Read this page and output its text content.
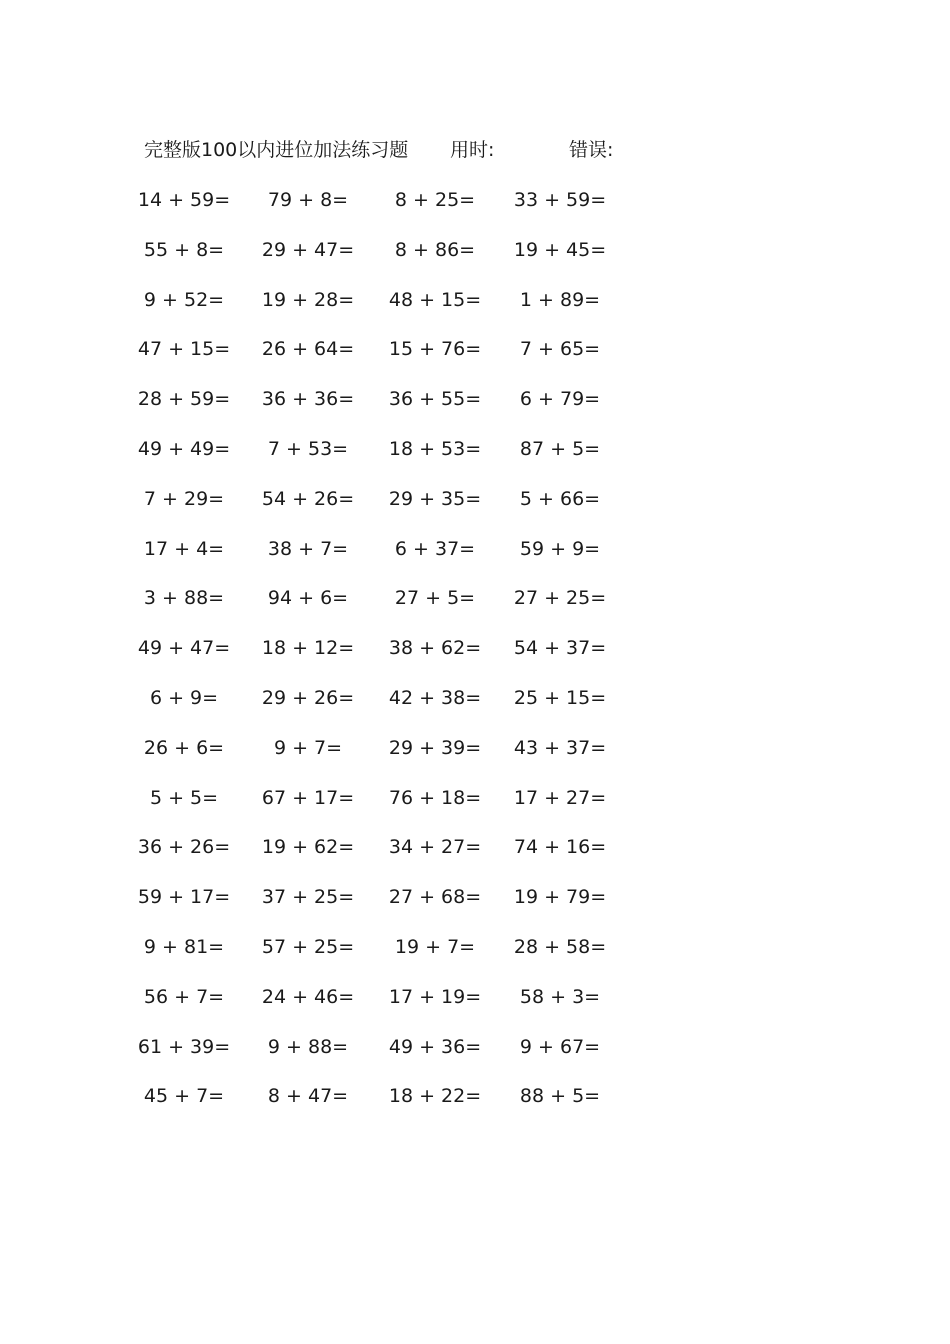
完整版100以内进位加法练习题 用时:	错误:
14 + 59=	79 + 8=	8 + 25=	33 + 59=
55 + 8=	29 + 47=	8 + 86=	19 + 45=
9 + 52=	19 + 28=	48 + 15=	1 + 89=
47 + 15=	26 + 64=	15 + 76=	7 + 65=
28 + 59=	36 + 36=	36 + 55=	6 + 79=
49 + 49=	7 + 53=	18 + 53=	87 + 5=
7 + 29=	54 + 26=	29 + 35=	5 + 66=
17 + 4=	38 + 7=	6 + 37=	59 + 9=
3 + 88=	94 + 6=	27 + 5=	27 + 25=
49 + 47=	18 + 12=	38 + 62=	54 + 37=
6 + 9=	29 + 26=	42 + 38=	25 + 15=
26 + 6=	9 + 7=	29 + 39=	43 + 37=
5 + 5=	67 + 17=	76 + 18=	17 + 27=
36 + 26=	19 + 62=	34 + 27=	74 + 16=
59 + 17=	37 + 25=	27 + 68=	19 + 79=
9 + 81=	57 + 25=	19 + 7=	28 + 58=
56 + 7=	24 + 46=	17 + 19=	58 + 3=
61 + 39=	9 + 88=	49 + 36=	9 + 67=
45 + 7=	8 + 47=	18 + 22=	88 + 5=
